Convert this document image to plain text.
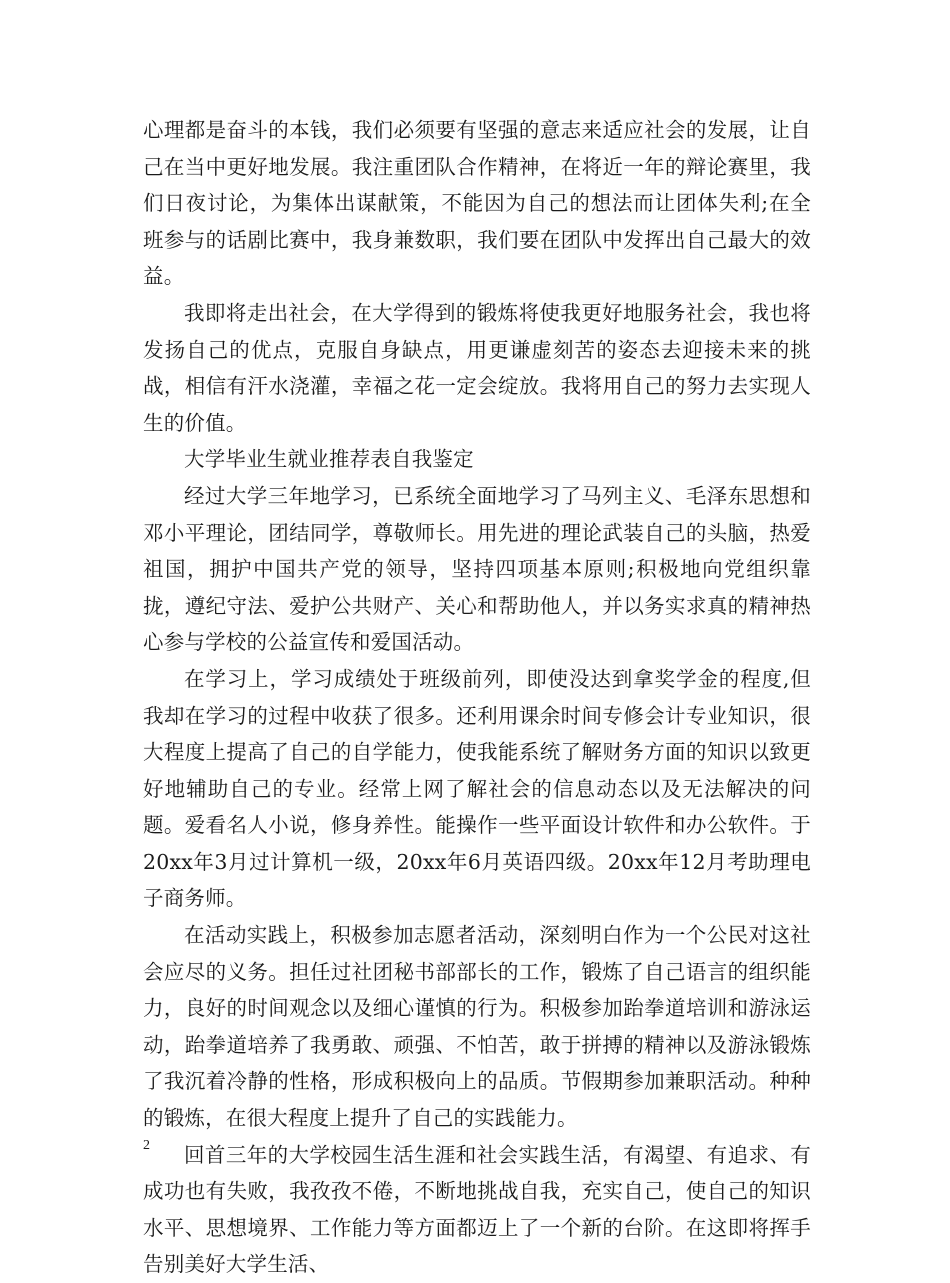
心理都是奋斗的本钱，我们必须要有坚强的意志来适应社会的发展，让自己在当中更好地发展。我注重团队合作精神，在将近一年的辩论赛里，我们日夜讨论，为集体出谋献策，不能因为自己的想法而让团体失利;在全班参与的话剧比赛中，我身兼数职，我们要在团队中发挥出自己最大的效益。

我即将走出社会，在大学得到的锻炼将使我更好地服务社会，我也将发扬自己的优点，克服自身缺点，用更谦虚刻苦的姿态去迎接未来的挑战，相信有汗水浇灌，幸福之花一定会绽放。我将用自己的努力去实现人生的价值。

大学毕业生就业推荐表自我鉴定

经过大学三年地学习，已系统全面地学习了马列主义、毛泽东思想和邓小平理论，团结同学，尊敬师长。用先进的理论武装自己的头脑，热爱祖国，拥护中国共产党的领导，坚持四项基本原则;积极地向党组织靠拢，遵纪守法、爱护公共财产、关心和帮助他人，并以务实求真的精神热心参与学校的公益宣传和爱国活动。

在学习上，学习成绩处于班级前列，即使没达到拿奖学金的程度,但我却在学习的过程中收获了很多。还利用课余时间专修会计专业知识，很大程度上提高了自己的自学能力，使我能系统了解财务方面的知识以致更好地辅助自己的专业。经常上网了解社会的信息动态以及无法解决的问题。爱看名人小说，修身养性。能操作一些平面设计软件和办公软件。于20xx年3月过计算机一级，20xx年6月英语四级。20xx年12月考助理电子商务师。

在活动实践上，积极参加志愿者活动，深刻明白作为一个公民对这社会应尽的义务。担任过社团秘书部部长的工作，锻炼了自己语言的组织能力，良好的时间观念以及细心谨慎的行为。积极参加跆拳道培训和游泳运动，跆拳道培养了我勇敢、顽强、不怕苦，敢于拼搏的精神以及游泳锻炼了我沉着冷静的性格，形成积极向上的品质。节假期参加兼职活动。种种的锻炼，在很大程度上提升了自己的实践能力。

回首三年的大学校园生活生涯和社会实践生活，有渴望、有追求、有成功也有失败，我孜孜不倦，不断地挑战自我，充实自己，使自己的知识水平、思想境界、工作能力等方面都迈上了一个新的台阶。在这即将挥手告别美好大学生活、

2
